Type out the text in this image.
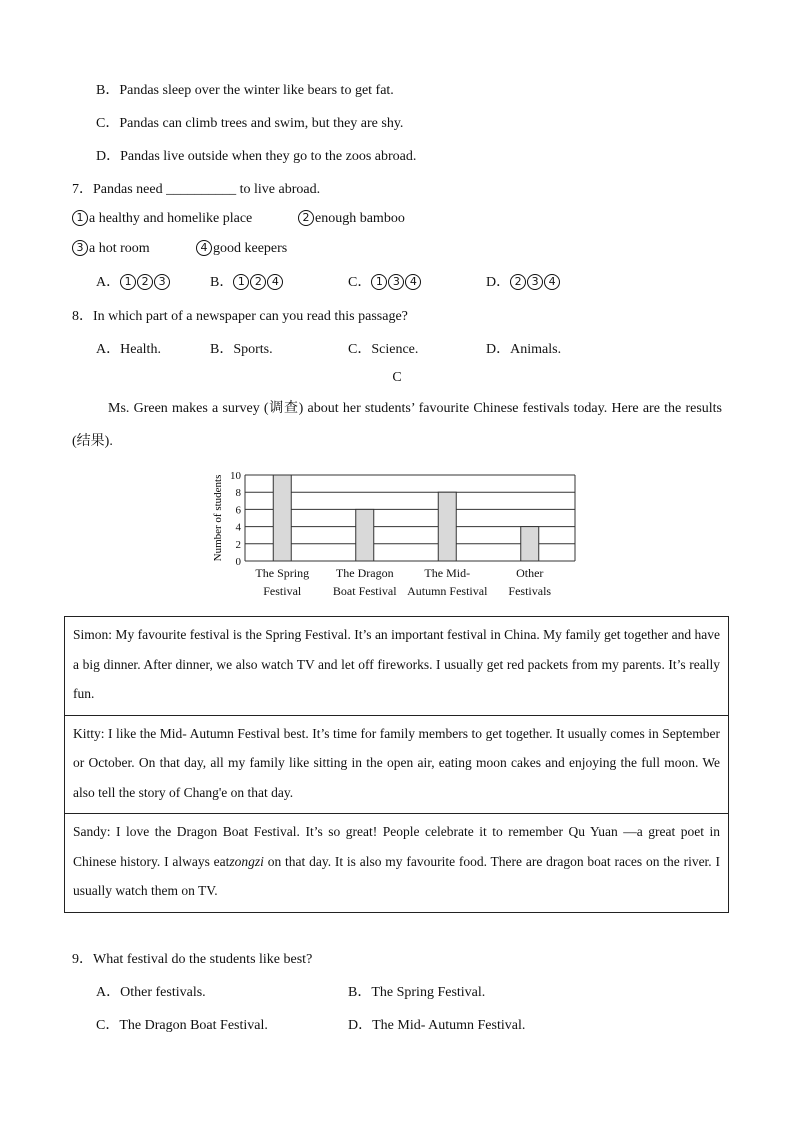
B．Pandas sleep over the winter like bears to get fat.
C．Pandas can climb trees and swim, but they are shy.
D．Pandas live outside when they go to the zoos abroad.
7．Pandas need __________ to live abroad.
1 a healthy and homelike place	2 enough bamboo
3 a hot room	4 good keepers
A． 1 2 3	B． 1 2 4	C． 1 3 4	D． 2 3 4
8．In which part of a newspaper can you read this passage?
A．Health.	B．Sports.	C．Science.	D．Animals.
C
Ms. Green makes a survey (调查) about her students’ favourite Chinese festivals today. Here are the results (结果).
0
2
4
6
8
10
The Spring
Festival
The Dragon
Boat Festival
The Mid-
Autumn Festival
Other
Festivals
Number of students
Simon: My favourite festival is the Spring Festival. It’s an important festival in China. My family get together and have a big dinner. After dinner, we also watch TV and let off fireworks. I usually get red packets from my parents. It’s really fun.
Kitty: I like the Mid- Autumn Festival best. It’s time for family members to get together. It usually comes in September or October. On that day, all my family like sitting in the open air, eating moon cakes and enjoying the full moon. We also tell the story of Chang'e on that day.
Sandy: I love the Dragon Boat Festival. It’s so great! People celebrate it to remember Qu Yuan —a great poet in Chinese history. I always eatzongzi on that day. It is also my favourite food. There are dragon boat races on the river. I usually watch them on TV.
9．What festival do the students like best?
A．Other festivals.	B．The Spring Festival.
C．The Dragon Boat Festival.	D．The Mid- Autumn Festival.
